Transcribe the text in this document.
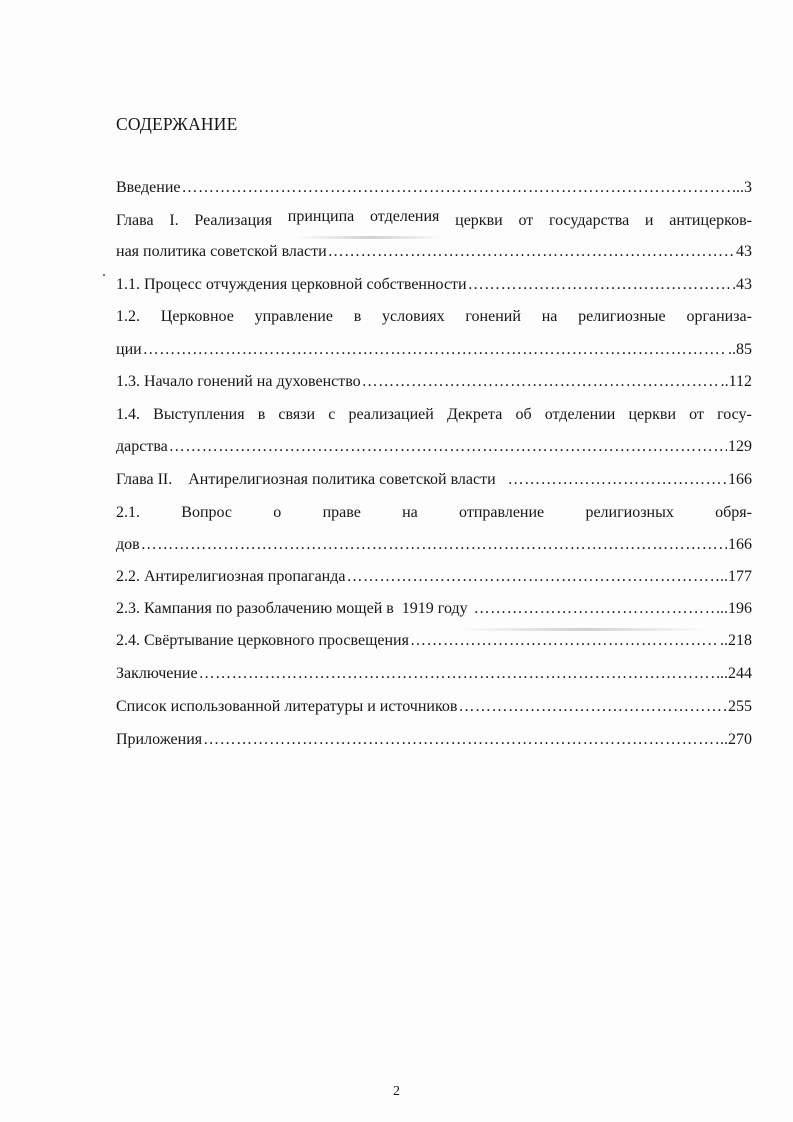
СОДЕРЖАНИЕ
Введение ……………………………………………………………………………………………………………………………………………………………………………………………………………………	..3
Глава I. Реализация принципа отделения церкви от государства и антицерков-
ная политика советской власти ……………………………………………………………………………………………………………………………………………………………………………………………………………………	43
1.1. Процесс отчуждения церковной собственности ……………………………………………………………………………………………………………………………………………………………………………………………………………………	43
1.2. Церковное управление в условиях гонений на религиозные организа-
ции ……………………………………………………………………………………………………………………………………………………………………………………………………………………	..85
1.3. Начало гонений на духовенство ……………………………………………………………………………………………………………………………………………………………………………………………………………………	..112
1.4. Выступления в связи с реализацией Декрета об отделении церкви от госу-
дарства ……………………………………………………………………………………………………………………………………………………………………………………………………………………	129
Глава II.    Антирелигиозная политика советской власти ……………………………………………………………………………………………………………………………………………………………………………………………………………………	166
2.1.	Вопрос	о	праве	на	отправление	религиозных	обря-
дов ……………………………………………………………………………………………………………………………………………………………………………………………………………………	166
2.2. Антирелигиозная пропаганда ……………………………………………………………………………………………………………………………………………………………………………………………………………………	..177
2.3. Кампания по разоблачению мощей в  1919 году ……………………………………………………………………………………………………………………………………………………………………………………………………………………	..196
2.4. Свёртывание церковного просвещения ……………………………………………………………………………………………………………………………………………………………………………………………………………………	..218
Заключение ……………………………………………………………………………………………………………………………………………………………………………………………………………………	..244
Список использованной литературы и источников ……………………………………………………………………………………………………………………………………………………………………………………………………………………	255
Приложения ……………………………………………………………………………………………………………………………………………………………………………………………………………………	..270
2
